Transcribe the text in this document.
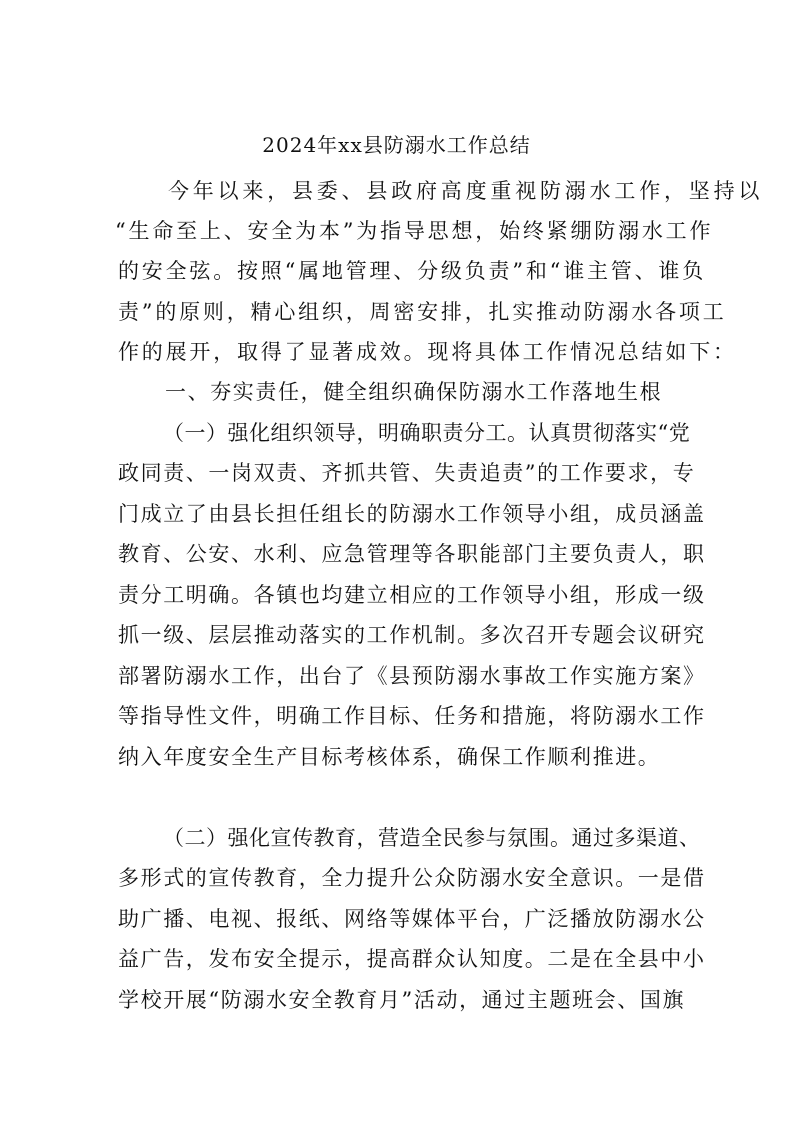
2024年xx县防溺水工作总结
今年以来，县委、县政府高度重视防溺水工作，坚持以
“生命至上、安全为本”为指导思想，始终紧绷防溺水工作
的安全弦。按照“属地管理、分级负责”和“谁主管、谁负
责”的原则，精心组织，周密安排，扎实推动防溺水各项工
作的展开，取得了显著成效。现将具体工作情况总结如下：
一、夯实责任，健全组织确保防溺水工作落地生根
（一）强化组织领导，明确职责分工。认真贯彻落实“党
政同责、一岗双责、齐抓共管、失责追责”的工作要求，专
门成立了由县长担任组长的防溺水工作领导小组，成员涵盖
教育、公安、水利、应急管理等各职能部门主要负责人，职
责分工明确。各镇也均建立相应的工作领导小组，形成一级
抓一级、层层推动落实的工作机制。多次召开专题会议研究
部署防溺水工作，出台了《县预防溺水事故工作实施方案》
等指导性文件，明确工作目标、任务和措施，将防溺水工作
纳入年度安全生产目标考核体系，确保工作顺利推进。
（二）强化宣传教育，营造全民参与氛围。通过多渠道、
多形式的宣传教育，全力提升公众防溺水安全意识。一是借
助广播、电视、报纸、网络等媒体平台，广泛播放防溺水公
益广告，发布安全提示，提高群众认知度。二是在全县中小
学校开展“防溺水安全教育月”活动，通过主题班会、国旗
